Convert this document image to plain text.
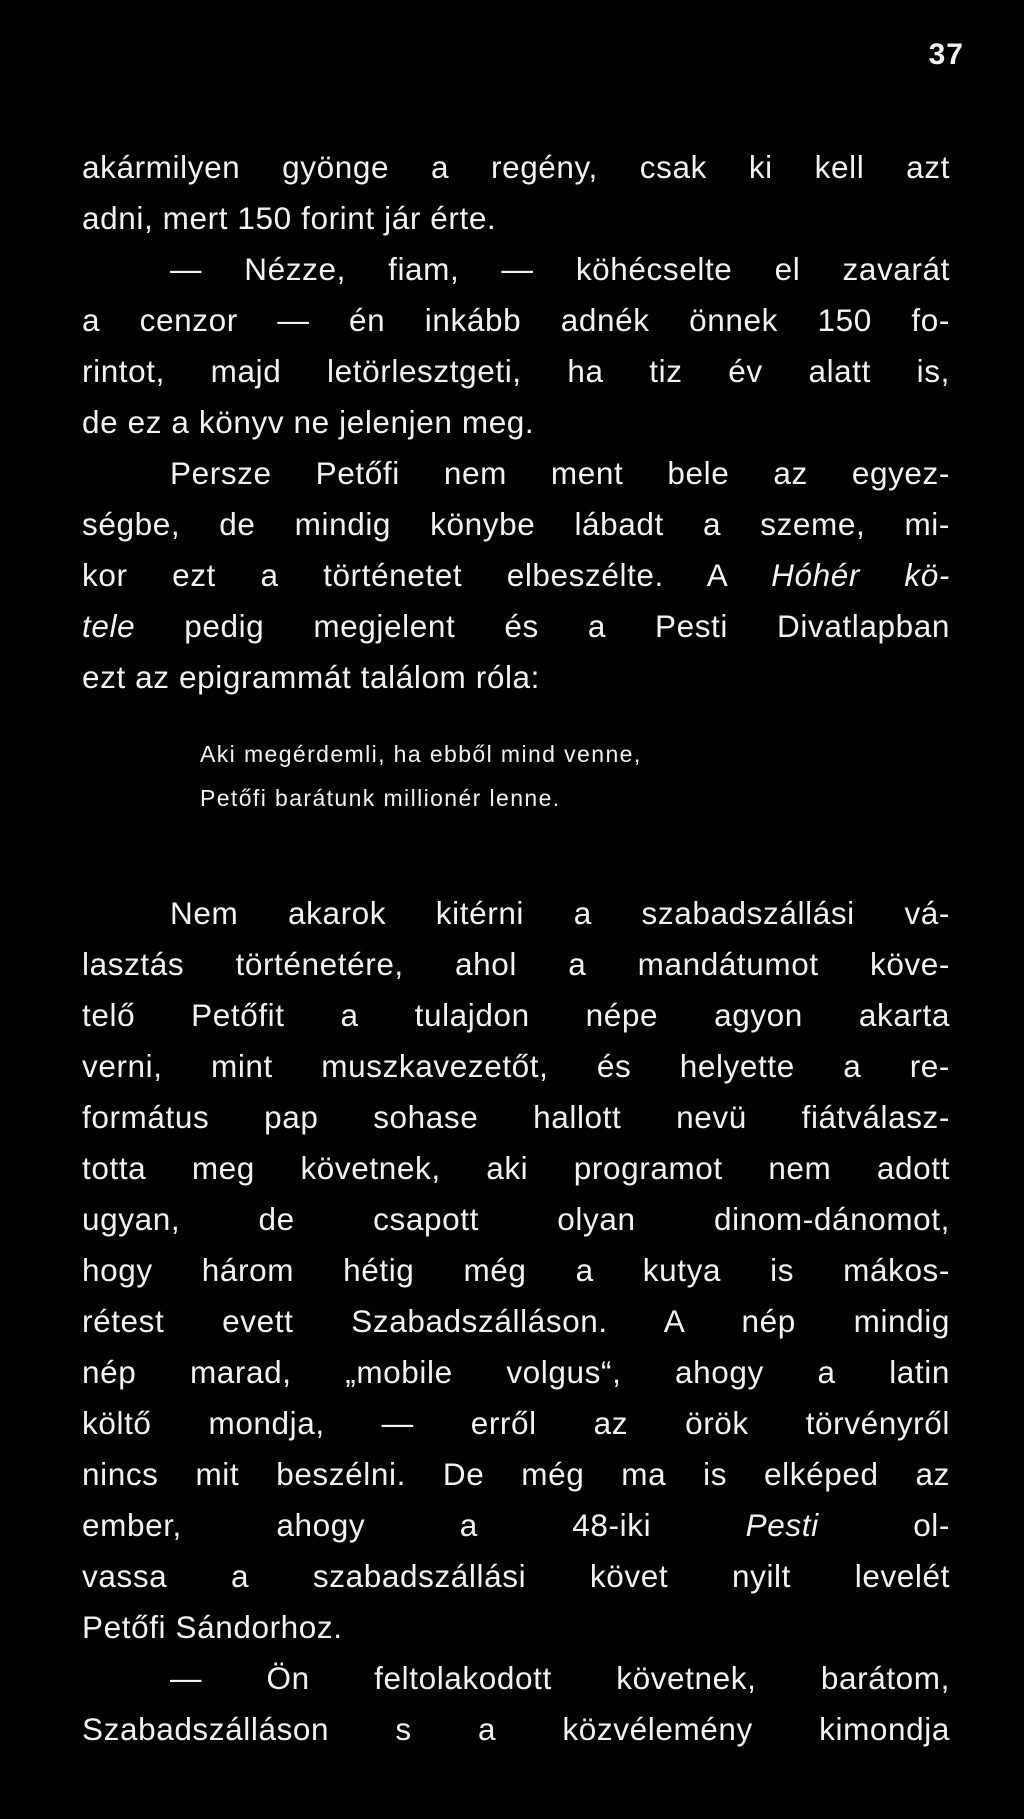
37
akármilyen gyönge a regény, csak ki kell azt
adni, mert 150 forint jár érte.
— Nézze, fiam, — köhécselte el zavarát
a cenzor — én inkább adnék önnek 150 fo-
rintot, majd letörlesztgeti, ha tiz év alatt is,
de ez a könyv ne jelenjen meg.
Persze Petőfi nem ment bele az egyez-
ségbe, de mindig könybe lábadt a szeme, mi-
kor ezt a történetet elbeszélte. A Hóhér kö-
tele pedig megjelent és a Pesti Divatlapban
ezt az epigrammát találom róla:
Aki megérdemli, ha ebből mind venne,
Petőfi barátunk millionér lenne.
Nem akarok kitérni a szabadszállási vá-
lasztás történetére, ahol a mandátumot köve-
telő Petőfit a tulajdon népe agyon akarta
verni, mint muszkavezetőt, és helyette a re-
formátus pap sohase hallott nevü fiátválasz-
totta meg követnek, aki programot nem adott
ugyan, de csapott olyan dinom-dánomot,
hogy három hétig még a kutya is mákos-
rétest evett Szabadszálláson. A nép mindig
nép marad, „mobile volgus“, ahogy a latin
költő mondja, — erről az örök törvényről
nincs mit beszélni. De még ma is elképed az
ember, ahogy a 48-iki Pesti ol-
vassa a szabadszállási követ nyilt levelét
Petőfi Sándorhoz.
— Ön feltolakodott követnek, barátom,
Szabadszálláson s a közvélemény kimondja
